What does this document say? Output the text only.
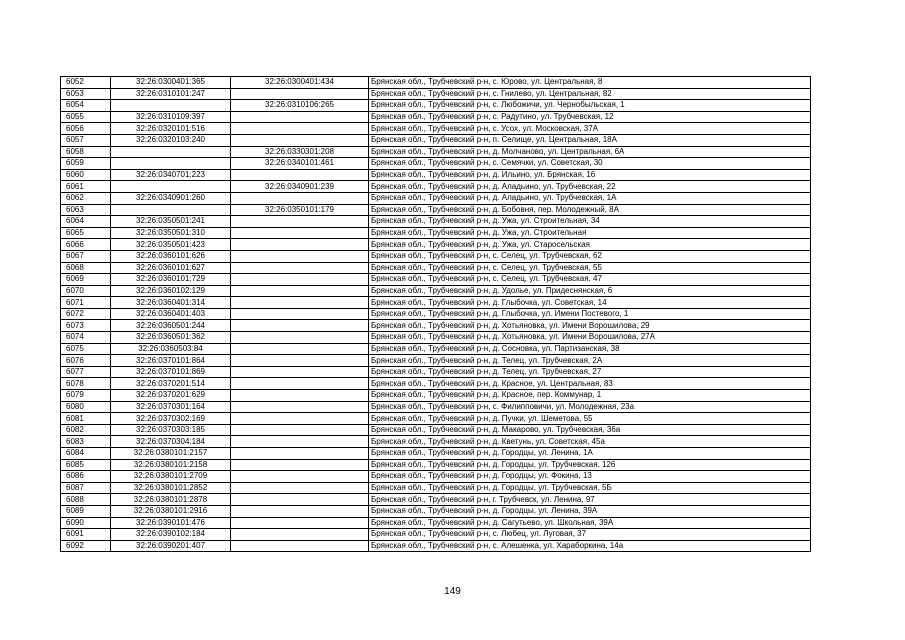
6052	32:26:0300401:365	32:26:0300401:434	Брянская обл., Трубчевский р-н, с. Юрово, ул. Центральная, 8
6053	32:26:0310101:247		Брянская обл., Трубчевский р-н, с. Гнилево, ул. Центральная, 82
6054		32:26:0310106:265	Брянская обл., Трубчевский р-н, с. Любожичи, ул. Чернобыльская, 1
6055	32:26:0310109:397		Брянская обл., Трубчевский р-н, с. Радутино, ул. Трубчевская, 12
6056	32:26:0320101:516		Брянская обл., Трубчевский р-н, с. Усох, ул. Московская, 37А
6057	32:26:0320103:240		Брянская обл., Трубчевский р-н, п. Селище, ул. Центральная, 18А
6058		32:26:0330301:208	Брянская обл., Трубчевский р-н, д. Молчаново, ул. Центральная, 6А
6059		32:26:0340101:461	Брянская обл., Трубчевский р-н, с. Семячки, ул. Советская, 30
6060	32:26:0340701:223		Брянская обл., Трубчевский р-н, д. Ильино, ул. Брянская, 16
6061		32:26:0340901:239	Брянская обл., Трубчевский р-н, д. Аладьино, ул. Трубчевская, 22
6062	32:26:0340901:260		Брянская обл., Трубчевский р-н, д. Аладьино, ул. Трубчевская, 1А
6063		32:26:0350101:179	Брянская обл., Трубчевский р-н, д. Бобовня, пер. Молодежный, 8А
6064	32:26:0350501:241		Брянская обл., Трубчевский р-н, д. Ужа, ул. Строительная, 34
6065	32:26:0350501:310		Брянская обл., Трубчевский р-н, д. Ужа, ул. Строительная
6066	32:26:0350501:423		Брянская обл., Трубчевский р-н, д. Ужа, ул. Старосельская
6067	32:26:0360101:626		Брянская обл., Трубчевский р-н, с. Селец, ул. Трубчевская, 62
6068	32:26:0360101:627		Брянская обл., Трубчевский р-н, с. Селец, ул. Трубчевская, 55
6069	32:26:0360101:729		Брянская обл., Трубчевский р-н, с. Селец, ул. Трубчевская, 47
6070	32:26:0360102:129		Брянская обл., Трубчевский р-н, д. Удолье, ул. Придеснянская, 6
6071	32:26:0360401:314		Брянская обл., Трубчевский р-н, д. Глыбочка, ул. Советская, 14
6072	32:26:0360401:403		Брянская обл., Трубчевский р-н, д. Глыбочка, ул. Имени Постевого, 1
6073	32:26:0360501:244		Брянская обл., Трубчевский р-н, д. Хотьяновка, ул. Имени Ворошилова, 29
6074	32:26:0360501:362		Брянская обл., Трубчевский р-н, д. Хотьяновка, ул. Имени Ворошилова, 27А
6075	32:26:0360503:84		Брянская обл., Трубчевский р-н, д. Сосновка, ул. Партизанская, 38
6076	32:26:0370101:864		Брянская обл., Трубчевский р-н, д. Телец, ул. Трубчевская, 2А
6077	32:26:0370101:869		Брянская обл., Трубчевский р-н, д. Телец, ул. Трубчевская, 27
6078	32:26:0370201:514		Брянская обл., Трубчевский р-н, д. Красное, ул. Центральная, 83
6079	32:26:0370201:629		Брянская обл., Трубчевский р-н, д. Красное, пер. Коммунар, 1
6080	32:26:0370301:164		Брянская обл., Трубчевский р-н, с. Филипповичи, ул. Молодежная, 23а
6081	32:26:0370302:169		Брянская обл., Трубчевский р-н, д. Пучки, ул. Шеметова, 55
6082	32:26:0370303:185		Брянская обл., Трубчевский р-н, д. Макарово, ул. Трубчевская, 36а
6083	32:26:0370304:184		Брянская обл., Трубчевский р-н, д. Кветунь, ул. Советская, 45а
6084	32:26:0380101:2157		Брянская обл., Трубчевский р-н, д. Городцы, ул. Ленина, 1А
6085	32:26:0380101:2158		Брянская обл., Трубчевский р-н, д. Городцы, ул. Трубчевская, 126
6086	32:26:0380101:2709		Брянская обл., Трубчевский р-н, д. Городцы, ул. Фокина, 13
6087	32:26:0380101:2852		Брянская обл., Трубчевский р-н, д. Городцы, ул. Трубчевская, 5Б
6088	32:26:0380101:2878		Брянская обл., Трубчевский р-н, г. Трубчевск, ул. Ленина, 97
6089	32:26:0380101:2916		Брянская обл., Трубчевский р-н, д. Городцы, ул. Ленина, 39А
6090	32:26:0390101:476		Брянская обл., Трубчевский р-н, д. Сагутьево, ул. Школьная, 39А
6091	32:26:0390102:184		Брянская обл., Трубчевский р-н, с. Любец, ул. Луговая, 37
6092	32:26:0390201:407		Брянская обл., Трубчевский р-н, с. Алешенка, ул. Хараборкина, 14а
149
